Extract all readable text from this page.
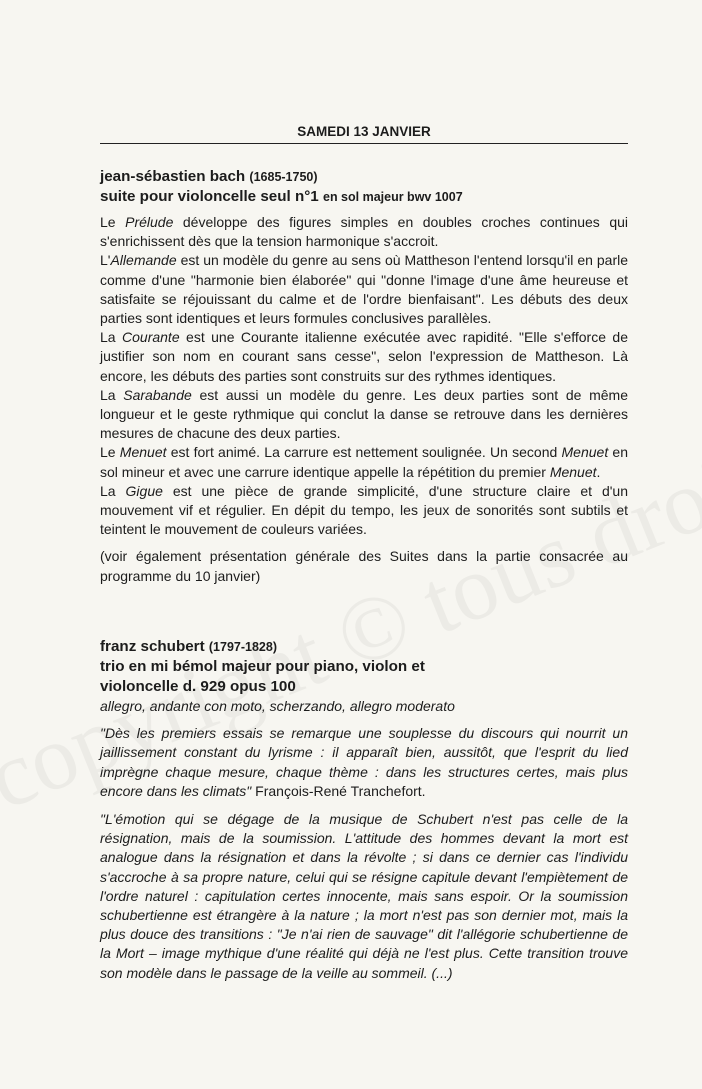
SAMEDI 13 JANVIER
jean-sébastien bach (1685-1750)
suite pour violoncelle seul n°1 en sol majeur bwv 1007

Le Prélude développe des figures simples en doubles croches continues qui s'enrichissent dès que la tension harmonique s'accroit.

L'Allemande est un modèle du genre au sens où Mattheson l'entend lorsqu'il en parle comme d'une "harmonie bien élaborée" qui "donne l'image d'une âme heureuse et satisfaite se réjouissant du calme et de l'ordre bienfaisant". Les débuts des deux parties sont identiques et leurs formules conclusives parallèles.

La Courante est une Courante italienne exécutée avec rapidité. "Elle s'efforce de justifier son nom en courant sans cesse", selon l'expression de Mattheson. Là encore, les débuts des parties sont construits sur des rythmes identiques.

La Sarabande est aussi un modèle du genre. Les deux parties sont de même longueur et le geste rythmique qui conclut la danse se retrouve dans les dernières mesures de chacune des deux parties.

Le Menuet est fort animé. La carrure est nettement soulignée. Un second Menuet en sol mineur et avec une carrure identique appelle la répétition du premier Menuet.

La Gigue est une pièce de grande simplicité, d'une structure claire et d'un mouvement vif et régulier. En dépit du tempo, les jeux de sonorités sont subtils et teintent le mouvement de couleurs variées.

(voir également présentation générale des Suites dans la partie consacrée au programme du 10 janvier)

franz schubert (1797-1828)
trio en mi bémol majeur pour piano, violon et
violoncelle d. 929 opus 100

allegro, andante con moto, scherzando, allegro moderato

"Dès les premiers essais se remarque une souplesse du discours qui nourrit un jaillissement constant du lyrisme : il apparaît bien, aussitôt, que l'esprit du lied imprègne chaque mesure, chaque thème : dans les structures certes, mais plus encore dans les climats" François-René Tranchefort.

"L'émotion qui se dégage de la musique de Schubert n'est pas celle de la résignation, mais de la soumission. L'attitude des hommes devant la mort est analogue dans la résignation et dans la révolte ; si dans ce dernier cas l'individu s'accroche à sa propre nature, celui qui se résigne capitule devant l'empiètement de l'ordre naturel : capitulation certes innocente, mais sans espoir. Or la soumission schubertienne est étrangère à la nature ; la mort n'est pas son dernier mot, mais la plus douce des transitions : "Je n'ai rien de sauvage" dit l'allégorie schubertienne de la Mort – image mythique d'une réalité qui déjà ne l'est plus. Cette transition trouve son modèle dans le passage de la veille au sommeil. (...)
